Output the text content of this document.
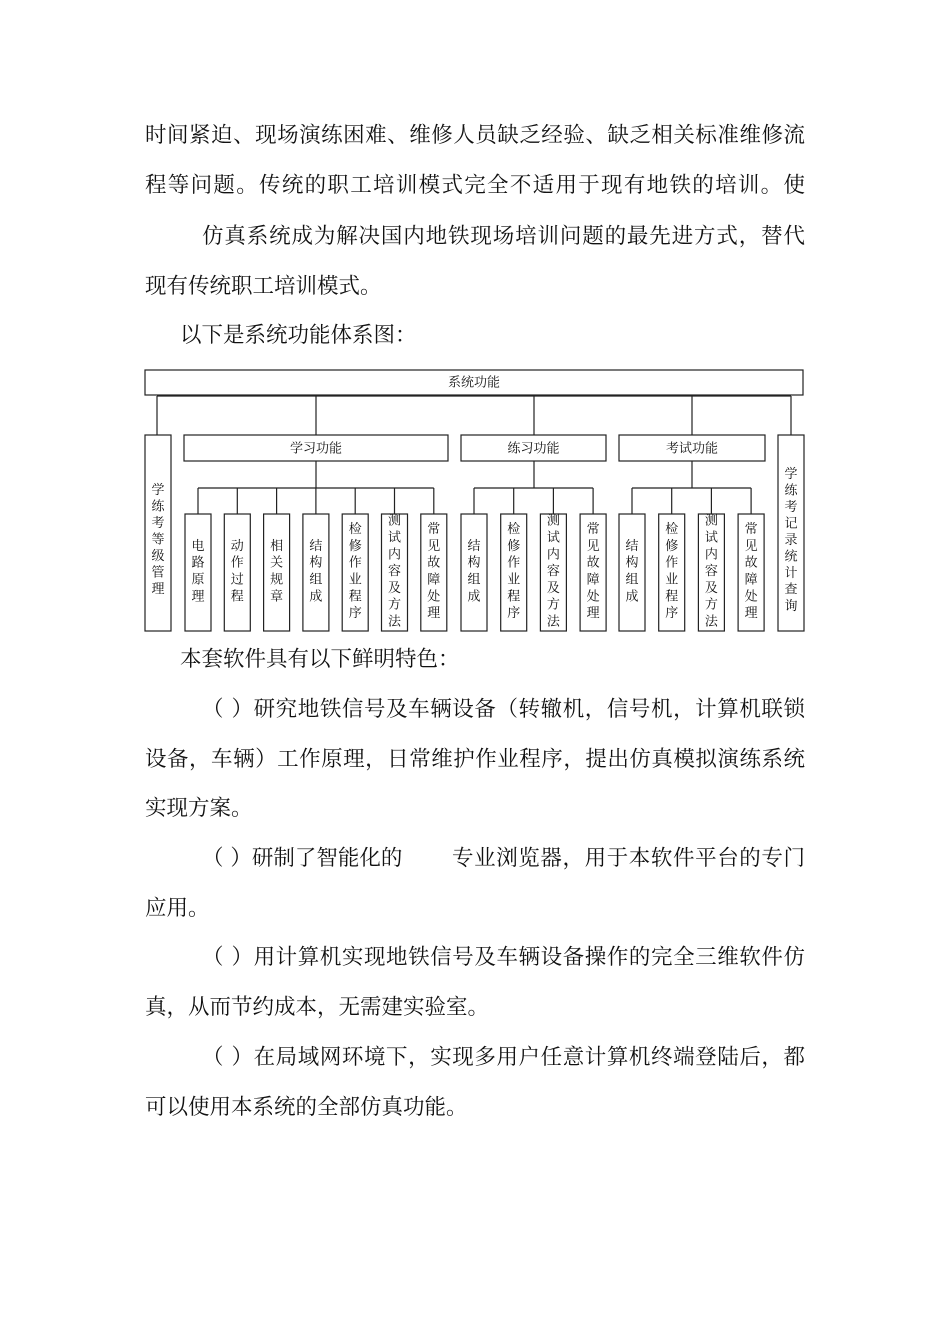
时间紧迫、现场演练困难、维修人员缺乏经验、缺乏相关标准维修流
程等问题。传统的职工培训模式完全不适用于现有地铁的培训。使
仿真系统成为解决国内地铁现场培训问题的最先进方式，替代
现有传统职工培训模式。
以下是系统功能体系图：
系统功能
学
练
考
等
级
管
理
学
练
考
记
录
统
计
查
询
学习功能
电
路
原
理
动
作
过
程
相
关
规
章
结
构
组
成
检
修
作
业
程
序
测
试
内
容
及
方
法
常
见
故
障
处
理
练习功能
结
构
组
成
检
修
作
业
程
序
测
试
内
容
及
方
法
常
见
故
障
处
理
考试功能
结
构
组
成
检
修
作
业
程
序
测
试
内
容
及
方
法
常
见
故
障
处
理
本套软件具有以下鲜明特色：
（ ）研究地铁信号及车辆设备（转辙机，信号机，计算机联锁
设备，车辆）工作原理，日常维护作业程序，提出仿真模拟演练系统
实现方案。
（ ）研制了智能化的 专业浏览器，用于本软件平台的专门
应用。
（ ）用计算机实现地铁信号及车辆设备操作的完全三维软件仿
真，从而节约成本，无需建实验室。
（ ）在局域网环境下，实现多用户任意计算机终端登陆后，都
可以使用本系统的全部仿真功能。
